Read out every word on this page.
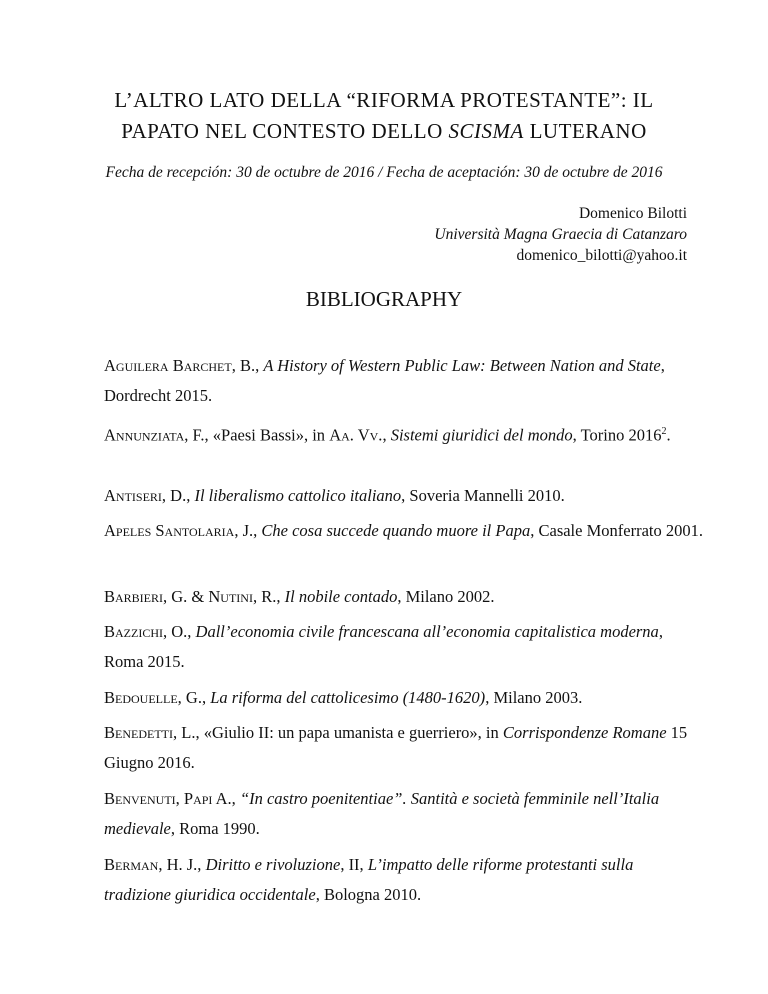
L’ALTRO LATO DELLA “RIFORMA PROTESTANTE”: IL
PAPATO NEL CONTESTO DELLO SCISMA LUTERANO
Fecha de recepción: 30 de octubre de 2016 / Fecha de aceptación: 30 de octubre de 2016
Domenico Bilotti
Università Magna Graecia di Catanzaro
domenico_bilotti@yahoo.it
BIBLIOGRAPHY
Aguilera Barchet, B., A History of Western Public Law: Between Nation and State, Dordrecht 2015.
Annunziata, F., «Paesi Bassi», in Aa. Vv., Sistemi giuridici del mondo, Torino 2016$^2$.
Antiseri, D., Il liberalismo cattolico italiano, Soveria Mannelli 2010.
Apeles Santolaria, J., Che cosa succede quando muore il Papa, Casale Monferrato 2001.
Barbieri, G. & Nutini, R., Il nobile contado, Milano 2002.
Bazzichi, O., Dall’economia civile francescana all’economia capitalistica moderna, Roma 2015.
Bedouelle, G., La riforma del cattolicesimo (1480-1620), Milano 2003.
Benedetti, L., «Giulio II: un papa umanista e guerriero», in Corrispondenze Romane 15 Giugno 2016.
Benvenuti, Papi A., “In castro poenitentiae”. Santità e società femminile nell’Italia medievale, Roma 1990.
Berman, H. J., Diritto e rivoluzione, II, L’impatto delle riforme protestanti sulla tradizione giuridica occidentale, Bologna 2010.
